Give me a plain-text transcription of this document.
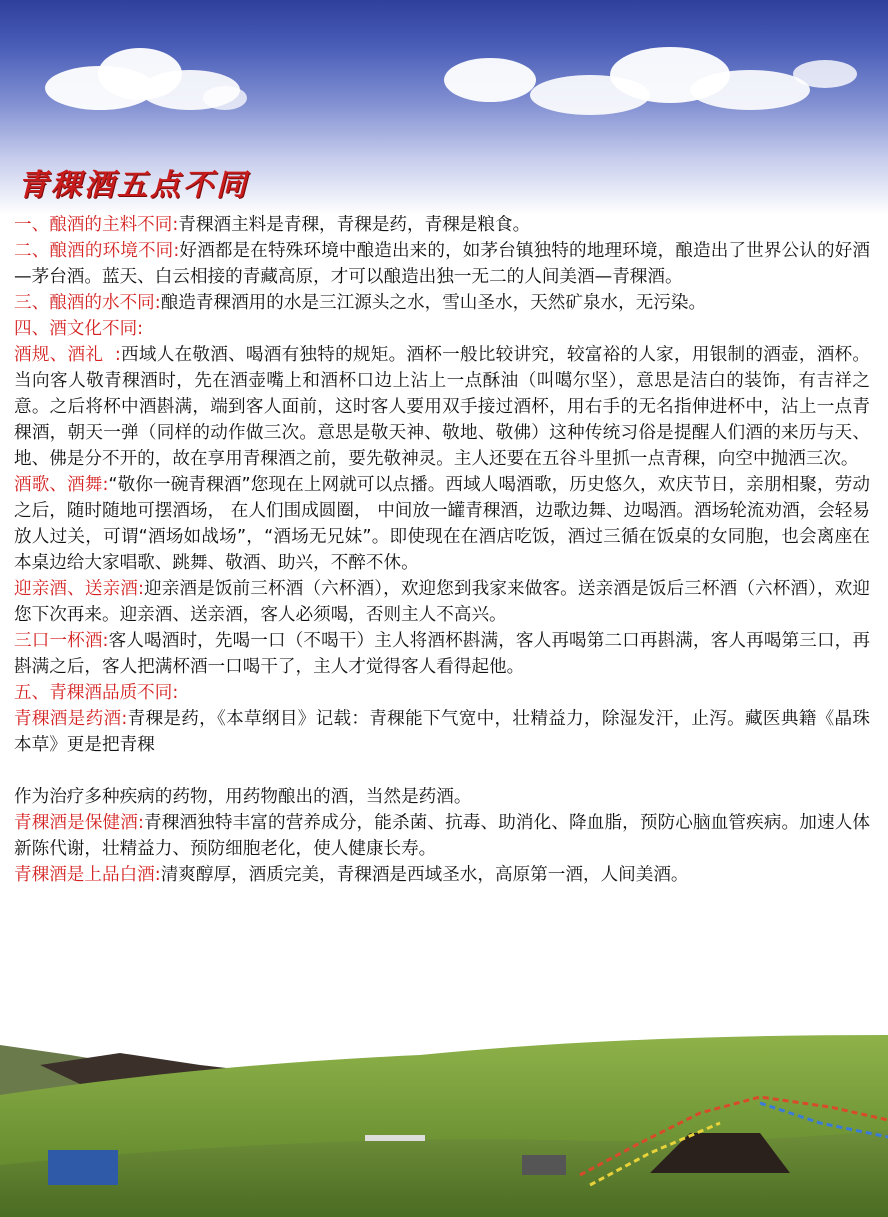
青稞酒五点不同

一、酿酒的主料不同:青稞酒主料是青稞，青稞是药，青稞是粮食。

二、酿酒的环境不同:好酒都是在特殊环境中酿造出来的，如茅台镇独特的地理环境，酿造出了世界公认的好酒—茅台酒。蓝天、白云相接的青藏高原，才可以酿造出独一无二的人间美酒—青稞酒。

三、酿酒的水不同:酿造青稞酒用的水是三江源头之水，雪山圣水，天然矿泉水，无污染。

四、酒文化不同:

酒规、酒礼  :西域人在敬酒、喝酒有独特的规矩。酒杯一般比较讲究，较富裕的人家，用银制的酒壶，酒杯。当向客人敬青稞酒时，先在酒壶嘴上和酒杯口边上沾上一点酥油（叫噶尔坚），意思是洁白的装饰，有吉祥之意。之后将杯中酒斟满，端到客人面前，这时客人要用双手接过酒杯，用右手的无名指伸进杯中，沾上一点青稞酒，朝天一弹（同样的动作做三次。意思是敬天神、敬地、敬佛）这种传统习俗是提醒人们酒的来历与天、地、佛是分不开的，故在享用青稞酒之前，要先敬神灵。主人还要在五谷斗里抓一点青稞，向空中抛洒三次。

酒歌、酒舞:“敬你一碗青稞酒”您现在上网就可以点播。西域人喝酒歌，历史悠久，欢庆节日，亲朋相聚，劳动之后，随时随地可摆酒场， 在人们围成圆圈， 中间放一罐青稞酒，边歌边舞、边喝酒。酒场轮流劝酒，会轻易放人过关，可谓“酒场如战场”，“酒场无兄妹”。即使现在在酒店吃饭，酒过三循在饭桌的女同胞，也会离座在本桌边给大家唱歌、跳舞、敬酒、助兴，不醉不休。

迎亲酒、送亲酒:迎亲酒是饭前三杯酒（六杯酒），欢迎您到我家来做客。送亲酒是饭后三杯酒（六杯酒），欢迎您下次再来。迎亲酒、送亲酒，客人必须喝，否则主人不高兴。

三口一杯酒:客人喝酒时，先喝一口（不喝干）主人将酒杯斟满，客人再喝第二口再斟满，客人再喝第三口，再斟满之后，客人把满杯酒一口喝干了，主人才觉得客人看得起他。

五、青稞酒品质不同:

青稞酒是药酒:青稞是药，《本草纲目》记载：青稞能下气宽中，壮精益力，除湿发汗，止泻。藏医典籍《晶珠本草》更是把青稞

作为治疗多种疾病的药物，用药物酿出的酒，当然是药酒。

青稞酒是保健酒:青稞酒独特丰富的营养成分，能杀菌、抗毒、助消化、降血脂，预防心脑血管疾病。加速人体新陈代谢，壮精益力、预防细胞老化，使人健康长寿。

青稞酒是上品白酒:清爽醇厚，酒质完美，青稞酒是西域圣水，高原第一酒，人间美酒。
